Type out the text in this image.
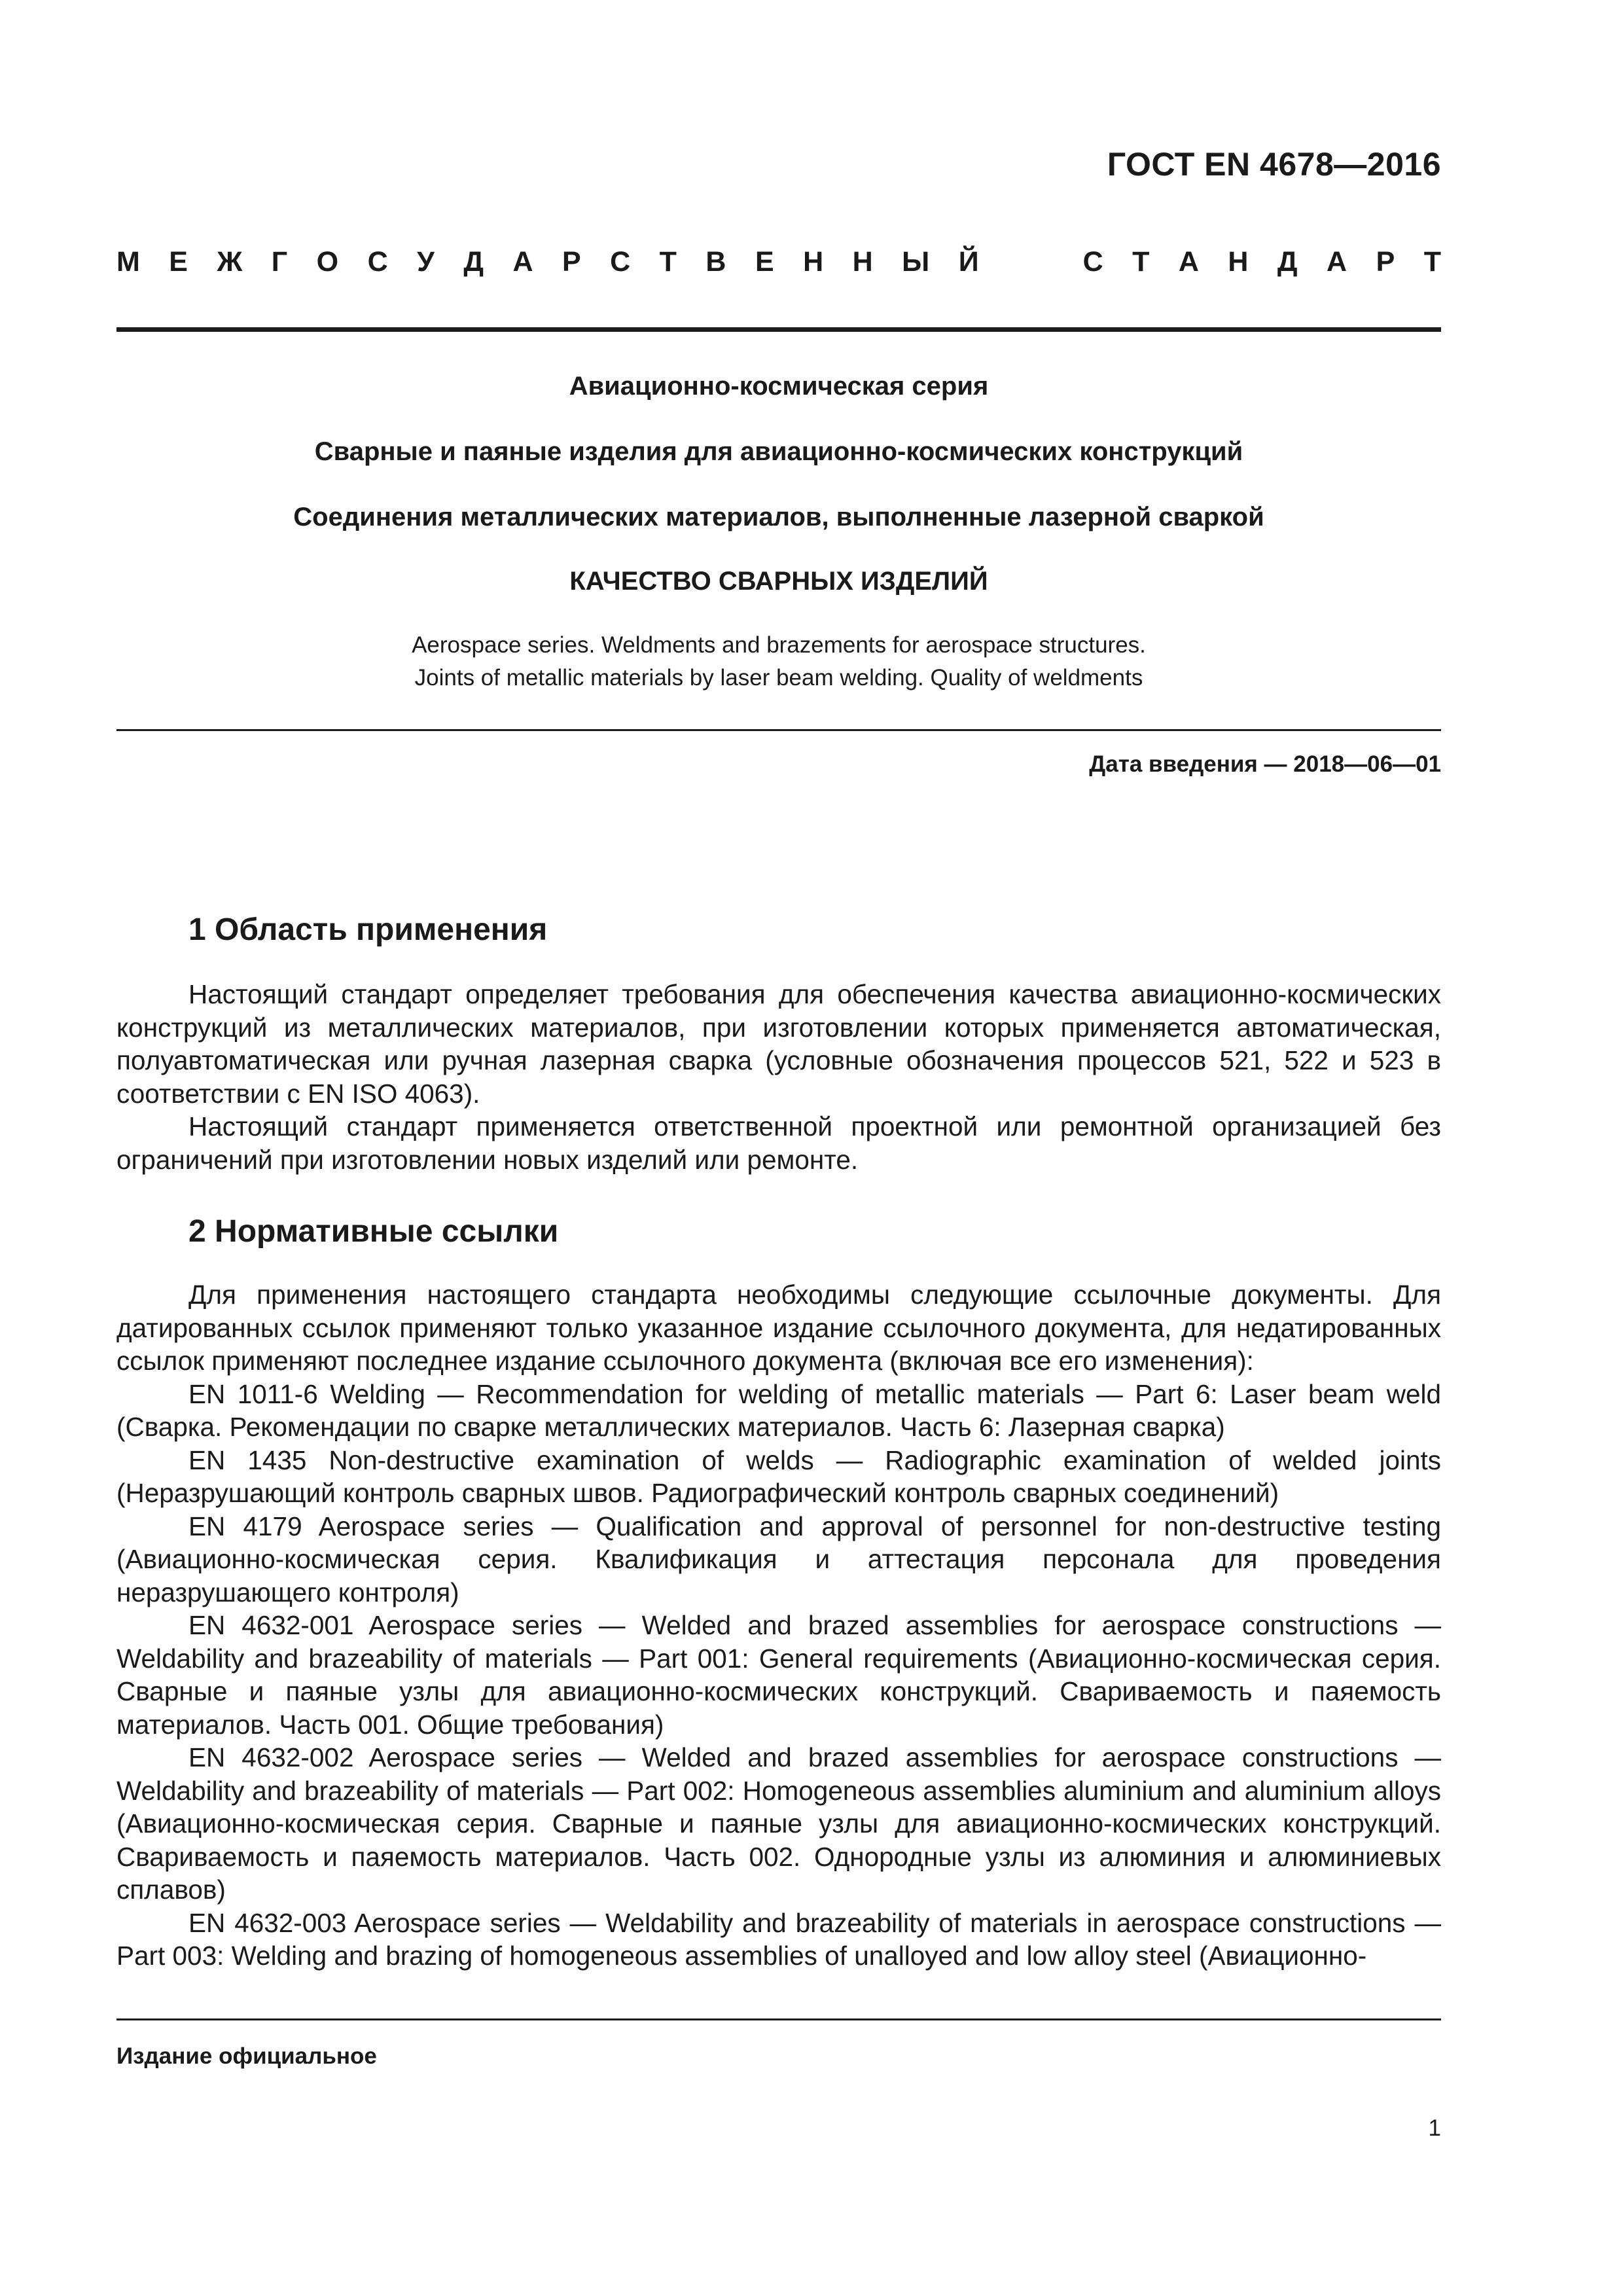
ГОСТ EN 4678—2016
М Е Ж Г О С У Д А Р С Т В Е Н Н Ы Й	С Т А Н Д А Р Т
Авиационно-космическая серия
Сварные и паяные изделия для авиационно-космических конструкций
Соединения металлических материалов, выполненные лазерной сваркой
КАЧЕСТВО СВАРНЫХ ИЗДЕЛИЙ
Aerospace series. Weldments and brazements for aerospace structures.
Joints of metallic materials by laser beam welding. Quality of weldments
Дата введения — 2018—06—01
1 Область применения

Настоящий стандарт определяет требования для обеспечения качества авиационно-космических конструкций из металлических материалов, при изготовлении которых применяется автоматическая, полуавтоматическая или ручная лазерная сварка (условные обозначения процессов 521, 522 и 523 в соответствии с EN ISO 4063).

Настоящий стандарт применяется ответственной проектной или ремонтной организацией без ограничений при изготовлении новых изделий или ремонте.

2 Нормативные ссылки

Для применения настоящего стандарта необходимы следующие ссылочные документы. Для датированных ссылок применяют только указанное издание ссылочного документа, для недатированных ссылок применяют последнее издание ссылочного документа (включая все его изменения):

EN 1011-6 Welding — Recommendation for welding of metallic materials — Part 6: Laser beam weld (Сварка. Рекомендации по сварке металлических материалов. Часть 6: Лазерная сварка)

EN 1435 Non-destructive examination of welds — Radiographic examination of welded joints (Неразрушающий контроль сварных швов. Радиографический контроль сварных соединений)

EN 4179 Aerospace series — Qualification and approval of personnel for non-destructive testing (Авиационно-космическая серия. Квалификация и аттестация персонала для проведения неразрушающего контроля)

EN 4632-001 Aerospace series — Welded and brazed assemblies for aerospace constructions — Weldability and brazeability of materials — Part 001: General requirements (Авиационно-космическая серия. Сварные и паяные узлы для авиационно-космических конструкций. Свариваемость и паяемость материалов. Часть 001. Общие требования)

EN 4632-002 Aerospace series — Welded and brazed assemblies for aerospace constructions — Weldability and brazeability of materials — Part 002: Homogeneous assemblies aluminium and aluminium alloys (Авиационно-космическая серия. Сварные и паяные узлы для авиационно-космических конструкций. Свариваемость и паяемость материалов. Часть 002. Однородные узлы из алюминия и алюминиевых сплавов)

EN 4632-003 Aerospace series — Weldability and brazeability of materials in aerospace constructions — Part 003: Welding and brazing of homogeneous assemblies of unalloyed and low alloy steel (Авиационно-

Издание официальное
1
